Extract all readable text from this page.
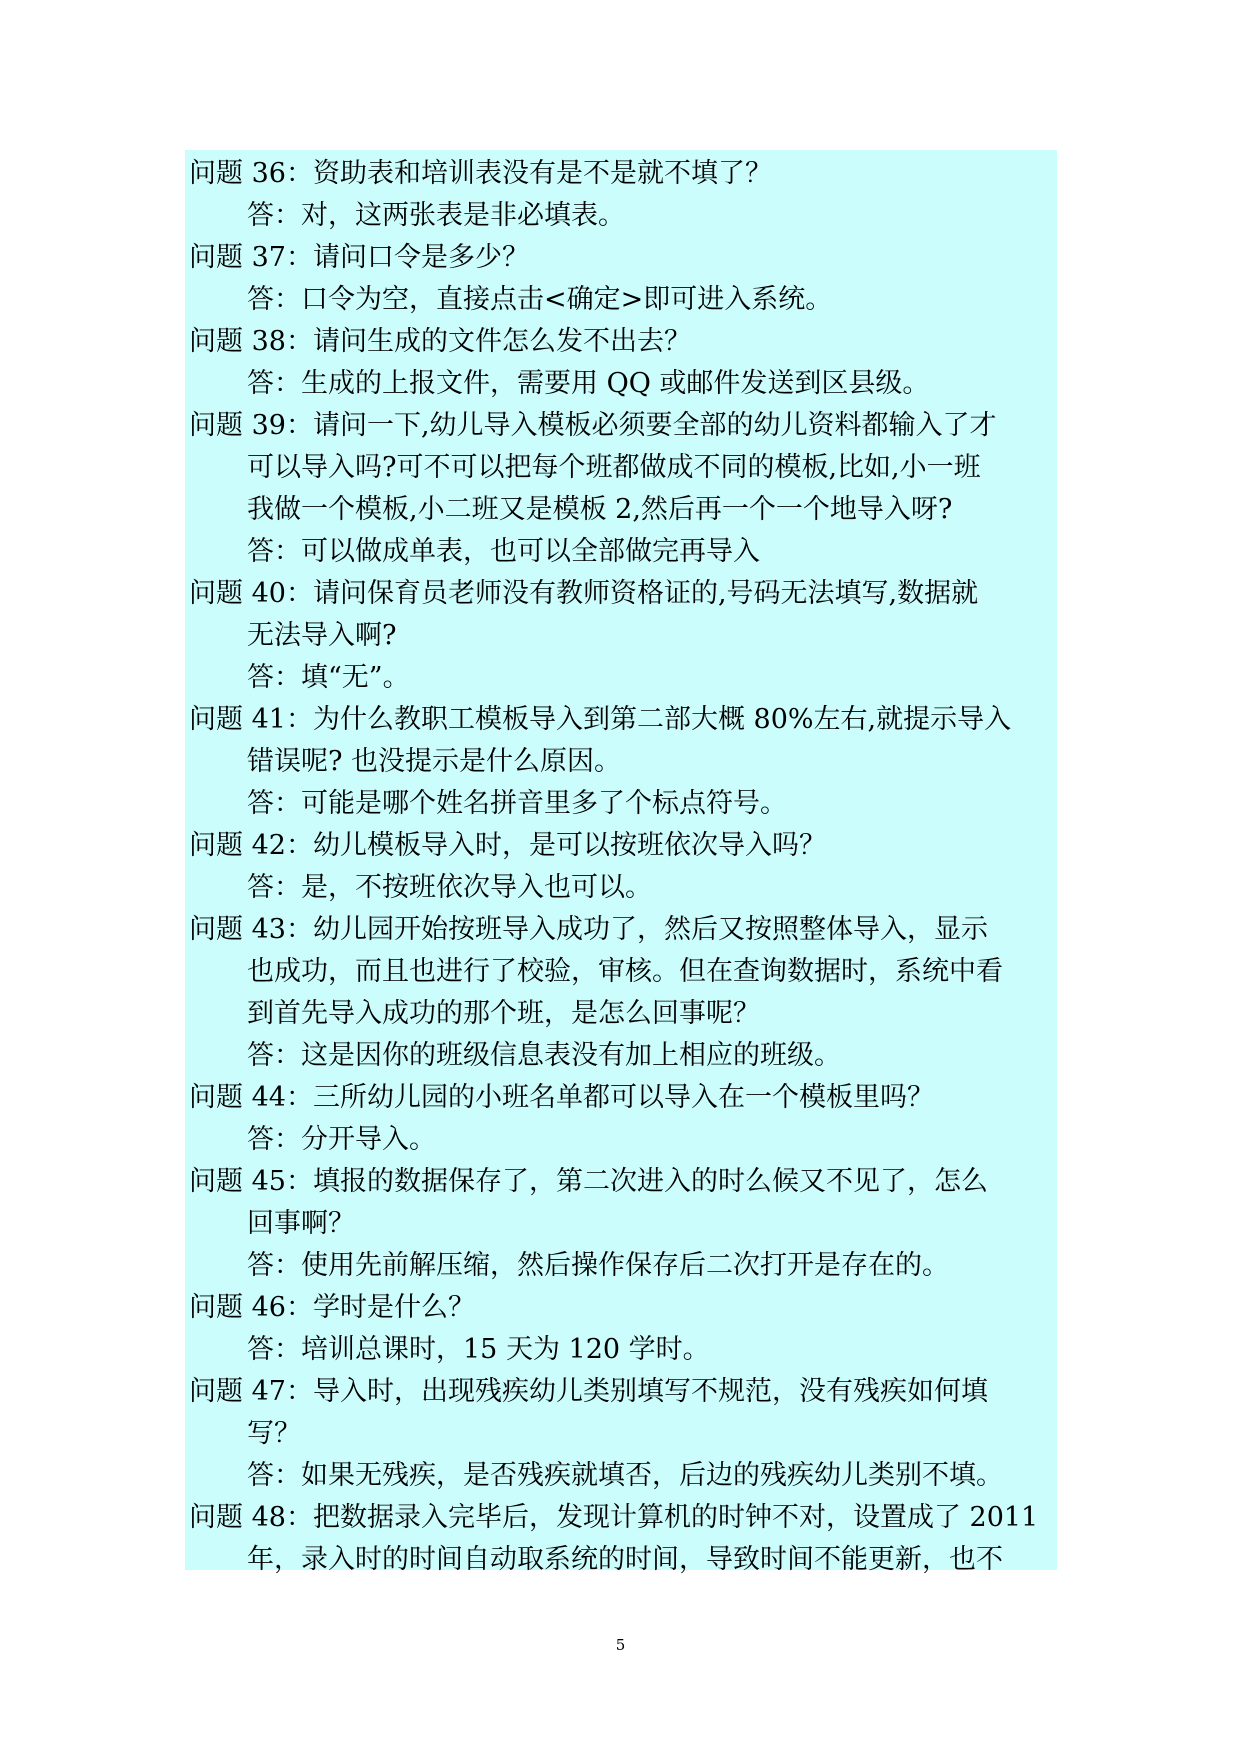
问题 36：资助表和培训表没有是不是就不填了？
答：对，这两张表是非必填表。
问题 37：请问口令是多少？
答：口令为空，直接点击<确定>即可进入系统。
问题 38：请问生成的文件怎么发不出去？
答：生成的上报文件，需要用 QQ 或邮件发送到区县级。
问题 39：请问一下,幼儿导入模板必须要全部的幼儿资料都输入了才
可以导入吗?可不可以把每个班都做成不同的模板,比如,小一班
我做一个模板,小二班又是模板 2,然后再一个一个地导入呀?
答：可以做成单表，也可以全部做完再导入
问题 40：请问保育员老师没有教师资格证的,号码无法填写,数据就
无法导入啊?
答：填“无”。
问题 41：为什么教职工模板导入到第二部大概 80%左右,就提示导入
错误呢? 也没提示是什么原因。
答：可能是哪个姓名拼音里多了个标点符号。
问题 42：幼儿模板导入时，是可以按班依次导入吗？
答：是，不按班依次导入也可以。
问题 43：幼儿园开始按班导入成功了，然后又按照整体导入，显示
也成功，而且也进行了校验，审核。但在查询数据时，系统中看
到首先导入成功的那个班，是怎么回事呢？
答：这是因你的班级信息表没有加上相应的班级。
问题 44：三所幼儿园的小班名单都可以导入在一个模板里吗？
答：分开导入。
问题 45：填报的数据保存了，第二次进入的时么候又不见了，怎么
回事啊？
答：使用先前解压缩，然后操作保存后二次打开是存在的。
问题 46：学时是什么？
答：培训总课时，15 天为 120 学时。
问题 47：导入时，出现残疾幼儿类别填写不规范，没有残疾如何填
写？
答：如果无残疾，是否残疾就填否，后边的残疾幼儿类别不填。
问题 48：把数据录入完毕后，发现计算机的时钟不对，设置成了 2011
年，录入时的时间自动取系统的时间，导致时间不能更新，也不
5
